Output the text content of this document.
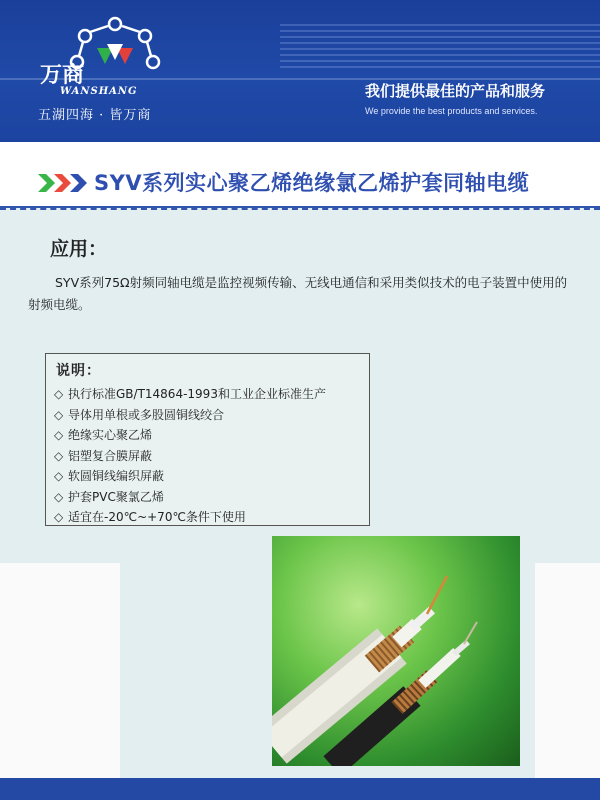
万商
WANSHANG
五湖四海 · 皆万商
我们提供最佳的产品和服务
We provide the best products and services.
SYV系列实心聚乙烯绝缘氯乙烯护套同轴电缆
应用：
SYV系列75Ω射频同轴电缆是监控视频传输、无线电通信和采用类似技术的电子装置中使用的射频电缆。
说明：
◇ 执行标准GB/T14864-1993和工业企业标准生产
◇ 导体用单根或多股圆铜线绞合
◇ 绝缘实心聚乙烯
◇ 铝塑复合膜屏蔽
◇ 软圆铜线编织屏蔽
◇ 护套PVC聚氯乙烯
◇ 适宜在-20℃~+70℃条件下使用
